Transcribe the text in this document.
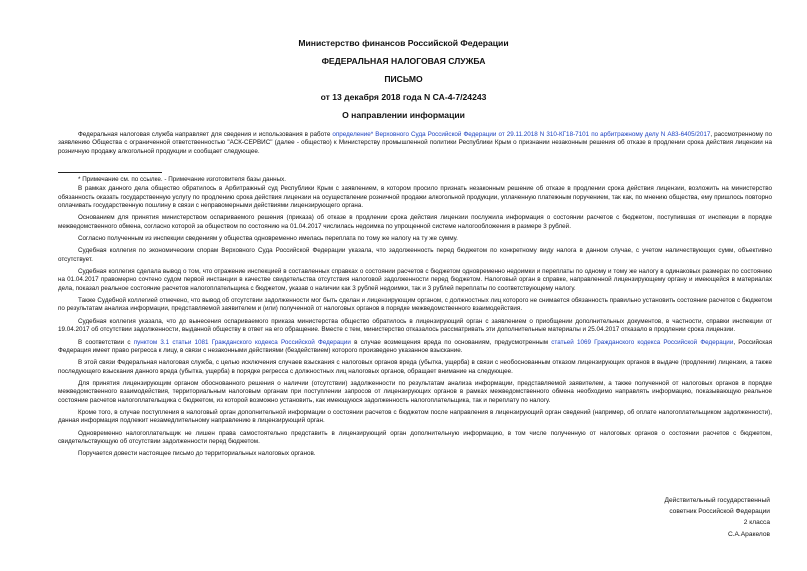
Министерство финансов Российской Федерации

ФЕДЕРАЛЬНАЯ НАЛОГОВАЯ СЛУЖБА

ПИСЬМО

от 13 декабря 2018 года N СА-4-7/24243

О направлении информации

Федеральная налоговая служба направляет для сведения и использования в работе определение* Верховного Суда Российской Федерации от 29.11.2018 N 310-КГ18-7101 по арбитражному делу N А83-6405/2017, рассмотренному по заявлению Общества с ограниченной ответственностью "АСК-СЕРВИС" (далее - общество) к Министерству промышленной политики Республики Крым о признании незаконным решения об отказе в продлении срока действия лицензии на розничную продажу алкогольной продукции и сообщает следующее.

* Примечание см. по ссылке. - Примечание изготовителя базы данных.

В рамках данного дела общество обратилось в Арбитражный суд Республики Крым с заявлением, в котором просило признать незаконным решение об отказе в продлении срока действия лицензии, возложить на министерство обязанность оказать государственную услугу по продлению срока действия лицензии на осуществление розничной продажи алкогольной продукции, уплаченную платежным поручением, так как, по мнению общества, ему пришлось повторно оплачивать государственную пошлину в связи с неправомерными действиями лицензирующего органа.

Основанием для принятия министерством оспариваемого решения (приказа) об отказе в продлении срока действия лицензии послужила информация о состоянии расчетов с бюджетом, поступившая от инспекции в порядке межведомственного обмена, согласно которой за обществом по состоянию на 01.04.2017 числилась недоимка по упрощенной системе налогообложения в размере 3 рублей.

Согласно полученным из инспекции сведениям у общества одновременно имелась переплата по тому же налогу на ту же сумму.

Судебная коллегия по экономическим спорам Верховного Суда Российской Федерации указала, что задолженность перед бюджетом по конкретному виду налога в данном случае, с учетом наличествующих сумм, объективно отсутствует.

Судебная коллегия сделала вывод о том, что отражение инспекцией в составленных справках о состоянии расчетов с бюджетом одновременно недоимки и переплаты по одному и тому же налогу в одинаковых размерах по состоянию на 01.04.2017 правомерно сочтено судом первой инстанции в качестве свидетельства отсутствия налоговой задолженности перед бюджетом. Налоговый орган в справке, направленной лицензирующему органу и имеющейся в материалах дела, показал реальное состояние расчетов налогоплательщика с бюджетом, указав о наличии как 3 рублей недоимки, так и 3 рублей переплаты по соответствующему налогу.

Также Судебной коллегией отмечено, что вывод об отсутствии задолженности мог быть сделан и лицензирующим органом, с должностных лиц которого не снимается обязанность правильно установить состояние расчетов с бюджетом по результатам анализа информации, представляемой заявителем и (или) полученной от налоговых органов в порядке межведомственного взаимодействия.

Судебная коллегия указала, что до вынесения оспариваемого приказа министерства общество обратилось в лицензирующий орган с заявлением о приобщении дополнительных документов, в частности, справки инспекции от 19.04.2017 об отсутствии задолженности, выданной обществу в ответ на его обращение. Вместе с тем, министерство отказалось рассматривать эти дополнительные материалы и 25.04.2017 отказало в продлении срока лицензии.

В соответствии с пунктом 3.1 статьи 1081 Гражданского кодекса Российской Федерации в случае возмещения вреда по основаниям, предусмотренным статьей 1069 Гражданского кодекса Российской Федерации, Российская Федерация имеет право регресса к лицу, в связи с незаконными действиями (бездействием) которого произведено указанное взыскание.

В этой связи Федеральная налоговая служба, с целью исключения случаев взыскания с налоговых органов вреда (убытка, ущерба) в связи с необоснованным отказом лицензирующих органов в выдаче (продлении) лицензии, а также последующего взыскания данного вреда (убытка, ущерба) в порядке регресса с должностных лиц налоговых органов, обращает внимание на следующее.

Для принятия лицензирующим органом обоснованного решения о наличии (отсутствии) задолженности по результатам анализа информации, представляемой заявителем, а также полученной от налоговых органов в порядке межведомственного взаимодействия, территориальным налоговым органам при поступлении запросов от лицензирующих органов в рамках межведомственного обмена необходимо направлять информацию, показывающую реальное состояние расчетов налогоплательщика с бюджетом, из которой возможно установить, как имеющуюся задолженность налогоплательщика, так и переплату по налогу.

Кроме того, в случае поступления в налоговый орган дополнительной информации о состоянии расчетов с бюджетом после направления в лицензирующий орган сведений (например, об оплате налогоплательщиком задолженности), данная информация подлежит незамедлительному направлению в лицензирующий орган.

Одновременно налогоплательщик не лишен права самостоятельно представить в лицензирующий орган дополнительную информацию, в том числе полученную от налоговых органов о состоянии расчетов с бюджетом, свидетельствующую об отсутствии задолженности перед бюджетом.

Поручается довести настоящее письмо до территориальных налоговых органов.

Действительный государственный
советник Российской Федерации
2 класса
С.А.Аракелов
